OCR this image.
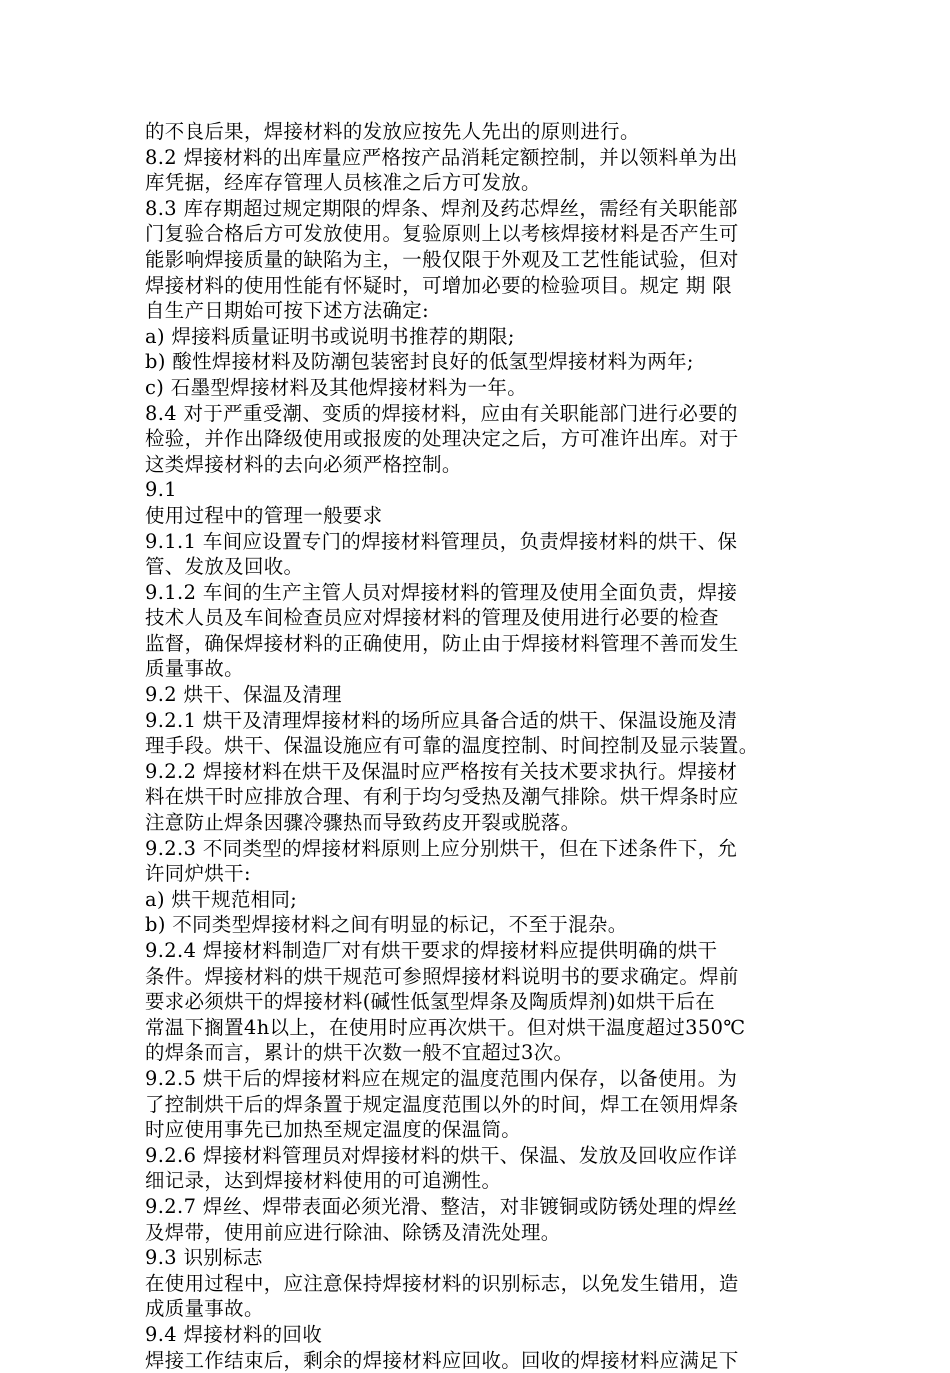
的不良后果，焊接材料的发放应按先人先出的原则进行。
8.2 焊接材料的出库量应严格按产品消耗定额控制，并以领料单为出
库凭据，经库存管理人员核准之后方可发放。
8.3 库存期超过规定期限的焊条、焊剂及药芯焊丝，需经有关职能部
门复验合格后方可发放使用。复验原则上以考核焊接材料是否产生可
能影响焊接质量的缺陷为主，一般仅限于外观及工艺性能试验，但对
焊接材料的使用性能有怀疑时，可增加必要的检验项目。规定 期 限
自生产日期始可按下述方法确定:
a) 焊接料质量证明书或说明书推荐的期限;
b) 酸性焊接材料及防潮包装密封良好的低氢型焊接材料为两年;
c) 石墨型焊接材料及其他焊接材料为一年。
8.4 对于严重受潮、变质的焊接材料，应由有关职能部门进行必要的
检验，并作出降级使用或报废的处理决定之后，方可准许出库。对于
这类焊接材料的去向必须严格控制。
9.1
使用过程中的管理一般要求
9.1.1 车间应设置专门的焊接材料管理员，负责焊接材料的烘干、保
管、发放及回收。
9.1.2 车间的生产主管人员对焊接材料的管理及使用全面负责，焊接
技术人员及车间检查员应对焊接材料的管理及使用进行必要的检查
监督，确保焊接材料的正确使用，防止由于焊接材料管理不善而发生
质量事故。
9.2 烘干、保温及清理
9.2.1 烘干及清理焊接材料的场所应具备合适的烘干、保温设施及清
理手段。烘干、保温设施应有可靠的温度控制、时间控制及显示装置。
9.2.2 焊接材料在烘干及保温时应严格按有关技术要求执行。焊接材
料在烘干时应排放合理、有利于均匀受热及潮气排除。烘干焊条时应
注意防止焊条因骤冷骤热而导致药皮开裂或脱落。
9.2.3 不同类型的焊接材料原则上应分别烘干，但在下述条件下，允
许同炉烘干:
a) 烘干规范相同;
b) 不同类型焊接材料之间有明显的标记，不至于混杂。
9.2.4 焊接材料制造厂对有烘干要求的焊接材料应提供明确的烘干
条件。焊接材料的烘干规范可参照焊接材料说明书的要求确定。焊前
要求必须烘干的焊接材料(碱性低氢型焊条及陶质焊剂)如烘干后在
常温下搁置4h以上，在使用时应再次烘干。但对烘干温度超过350℃
的焊条而言，累计的烘干次数一般不宜超过3次。
9.2.5 烘干后的焊接材料应在规定的温度范围内保存，以备使用。为
了控制烘干后的焊条置于规定温度范围以外的时间，焊工在领用焊条
时应使用事先已加热至规定温度的保温筒。
9.2.6 焊接材料管理员对焊接材料的烘干、保温、发放及回收应作详
细记录，达到焊接材料使用的可追溯性。
9.2.7 焊丝、焊带表面必须光滑、整洁，对非镀铜或防锈处理的焊丝
及焊带，使用前应进行除油、除锈及清洗处理。
9.3 识别标志
在使用过程中，应注意保持焊接材料的识别标志，以免发生错用，造
成质量事故。
9.4 焊接材料的回收
焊接工作结束后，剩余的焊接材料应回收。回收的焊接材料应满足下
